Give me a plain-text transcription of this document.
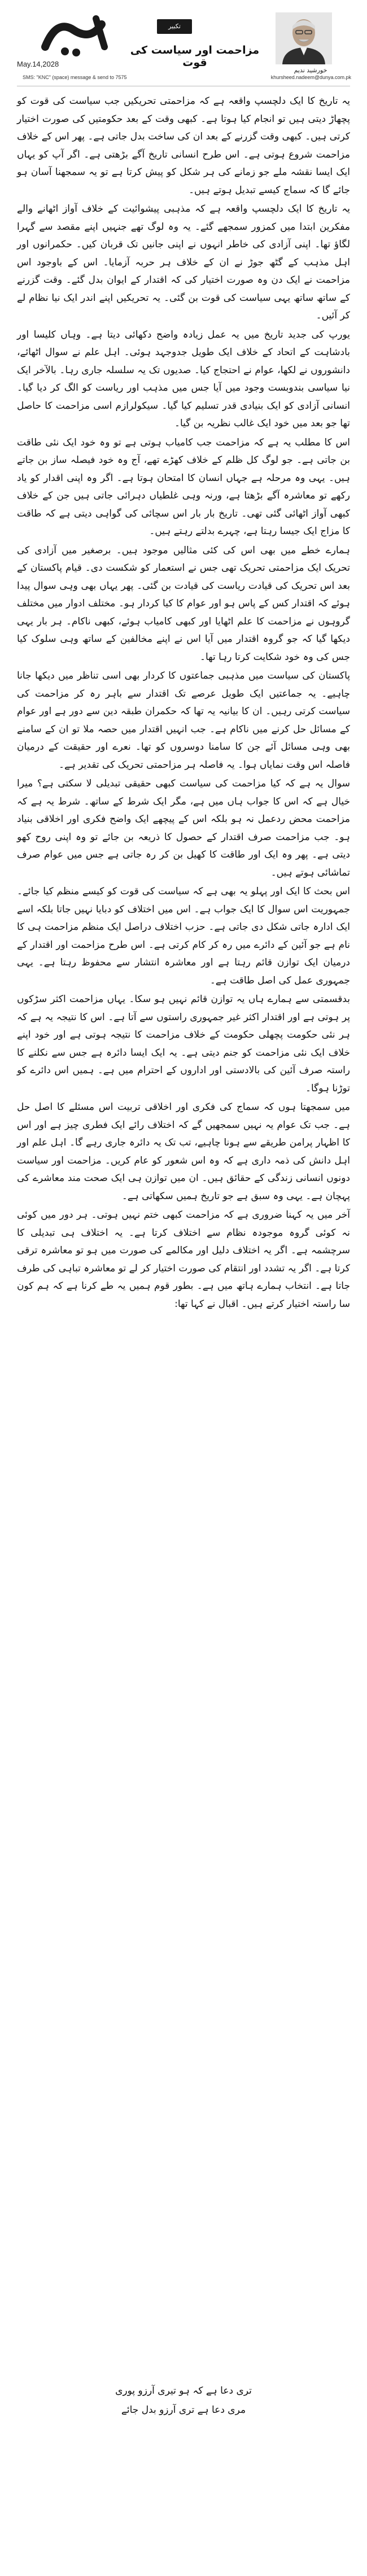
May.14,2028
SMS: "KNC" (space) message & send to 7575	khursheed.nadeem@dunya.com.pk
تکبیر مسلسل
مزاحمت اور سیاست کی قوت
خورشید ندیم

یہ تاریخ کا ایک دلچسپ واقعہ ہے کہ مزاحمتی تحریکیں جب سیاست کی قوت کو پچھاڑ دیتی ہیں تو انجام کیا ہوتا ہے۔ کبھی وقت کے بعد حکومتیں کی صورت اختیار کرتی ہیں۔ کبھی وقت گزرنے کے بعد ان کی ساخت بدل جاتی ہے۔ پھر اس کے خلاف مزاحمت شروع ہوتی ہے۔ اس طرح انسانی تاریخ آگے بڑھتی ہے۔ اگر آپ کو یہاں ایک ایسا نقشہ ملے جو زمانے کی ہر شکل کو پیش کرتا ہے تو یہ سمجھنا آسان ہو جائے گا کہ سماج کیسے تبدیل ہوتے ہیں۔

یہ تاریخ کا ایک دلچسپ واقعہ ہے کہ مذہبی پیشوائیت کے خلاف آواز اٹھانے والے مفکرین ابتدا میں کمزور سمجھے گئے۔ یہ وہ لوگ تھے جنہیں اپنے مقصد سے گہرا لگاؤ تھا۔ اپنی آزادی کی خاطر انہوں نے اپنی جانیں تک قربان کیں۔ حکمرانوں اور اہل مذہب کے گٹھ جوڑ نے ان کے خلاف ہر حربہ آزمایا۔ اس کے باوجود اس مزاحمت نے ایک دن وہ صورت اختیار کی کہ اقتدار کے ایوان بدل گئے۔ وقت گزرنے کے ساتھ ساتھ یہی سیاست کی قوت بن گئی۔ یہ تحریکیں اپنے اندر ایک نیا نظام لے کر آئیں۔

یورپ کی جدید تاریخ میں یہ عمل زیادہ واضح دکھائی دیتا ہے۔ وہاں کلیسا اور بادشاہت کے اتحاد کے خلاف ایک طویل جدوجہد ہوئی۔ اہل علم نے سوال اٹھائے، دانشوروں نے لکھا، عوام نے احتجاج کیا۔ صدیوں تک یہ سلسلہ جاری رہا۔ بالآخر ایک نیا سیاسی بندوبست وجود میں آیا جس میں مذہب اور ریاست کو الگ کر دیا گیا۔ انسانی آزادی کو ایک بنیادی قدر تسلیم کیا گیا۔ سیکولرازم اسی مزاحمت کا حاصل تھا جو بعد میں خود ایک غالب نظریہ بن گیا۔

اس کا مطلب یہ ہے کہ مزاحمت جب کامیاب ہوتی ہے تو وہ خود ایک نئی طاقت بن جاتی ہے۔ جو لوگ کل ظلم کے خلاف کھڑے تھے، آج وہ خود فیصلہ ساز بن جاتے ہیں۔ یہی وہ مرحلہ ہے جہاں انسان کا امتحان ہوتا ہے۔ اگر وہ اپنی اقدار کو یاد رکھے تو معاشرہ آگے بڑھتا ہے، ورنہ وہی غلطیاں دہرائی جاتی ہیں جن کے خلاف کبھی آواز اٹھائی گئی تھی۔ تاریخ بار بار اس سچائی کی گواہی دیتی ہے کہ طاقت کا مزاج ایک جیسا رہتا ہے، چہرے بدلتے رہتے ہیں۔

ہمارے خطے میں بھی اس کی کئی مثالیں موجود ہیں۔ برصغیر میں آزادی کی تحریک ایک مزاحمتی تحریک تھی جس نے استعمار کو شکست دی۔ قیام پاکستان کے بعد اس تحریک کی قیادت ریاست کی قیادت بن گئی۔ پھر یہاں بھی وہی سوال پیدا ہوئے کہ اقتدار کس کے پاس ہو اور عوام کا کیا کردار ہو۔ مختلف ادوار میں مختلف گروہوں نے مزاحمت کا علم اٹھایا اور کبھی کامیاب ہوئے، کبھی ناکام۔ ہر بار یہی دیکھا گیا کہ جو گروہ اقتدار میں آیا اس نے اپنے مخالفین کے ساتھ وہی سلوک کیا جس کی وہ خود شکایت کرتا رہا تھا۔

پاکستان کی سیاست میں مذہبی جماعتوں کا کردار بھی اسی تناظر میں دیکھا جانا چاہیے۔ یہ جماعتیں ایک طویل عرصے تک اقتدار سے باہر رہ کر مزاحمت کی سیاست کرتی رہیں۔ ان کا بیانیہ یہ تھا کہ حکمران طبقہ دین سے دور ہے اور عوام کے مسائل حل کرنے میں ناکام ہے۔ جب انہیں اقتدار میں حصہ ملا تو ان کے سامنے بھی وہی مسائل آئے جن کا سامنا دوسروں کو تھا۔ نعرے اور حقیقت کے درمیان فاصلہ اس وقت نمایاں ہوا۔ یہ فاصلہ ہر مزاحمتی تحریک کی تقدیر ہے۔

سوال یہ ہے کہ کیا مزاحمت کی سیاست کبھی حقیقی تبدیلی لا سکتی ہے؟ میرا خیال ہے کہ اس کا جواب ہاں میں ہے، مگر ایک شرط کے ساتھ۔ شرط یہ ہے کہ مزاحمت محض ردعمل نہ ہو بلکہ اس کے پیچھے ایک واضح فکری اور اخلاقی بنیاد ہو۔ جب مزاحمت صرف اقتدار کے حصول کا ذریعہ بن جائے تو وہ اپنی روح کھو دیتی ہے۔ پھر وہ ایک اور طاقت کا کھیل بن کر رہ جاتی ہے جس میں عوام صرف تماشائی ہوتے ہیں۔

اس بحث کا ایک اور پہلو یہ بھی ہے کہ سیاست کی قوت کو کیسے منظم کیا جائے۔ جمہوریت اس سوال کا ایک جواب ہے۔ اس میں اختلاف کو دبایا نہیں جاتا بلکہ اسے ایک ادارہ جاتی شکل دی جاتی ہے۔ حزب اختلاف دراصل ایک منظم مزاحمت ہی کا نام ہے جو آئین کے دائرے میں رہ کر کام کرتی ہے۔ اس طرح مزاحمت اور اقتدار کے درمیان ایک توازن قائم رہتا ہے اور معاشرہ انتشار سے محفوظ رہتا ہے۔ یہی جمہوری عمل کی اصل طاقت ہے۔

بدقسمتی سے ہمارے ہاں یہ توازن قائم نہیں ہو سکا۔ یہاں مزاحمت اکثر سڑکوں پر ہوتی ہے اور اقتدار اکثر غیر جمہوری راستوں سے آتا ہے۔ اس کا نتیجہ یہ ہے کہ ہر نئی حکومت پچھلی حکومت کے خلاف مزاحمت کا نتیجہ ہوتی ہے اور خود اپنے خلاف ایک نئی مزاحمت کو جنم دیتی ہے۔ یہ ایک ایسا دائرہ ہے جس سے نکلنے کا راستہ صرف آئین کی بالادستی اور اداروں کے احترام میں ہے۔ ہمیں اس دائرے کو توڑنا ہوگا۔

میں سمجھتا ہوں کہ سماج کی فکری اور اخلاقی تربیت اس مسئلے کا اصل حل ہے۔ جب تک عوام یہ نہیں سمجھیں گے کہ اختلاف رائے ایک فطری چیز ہے اور اس کا اظہار پرامن طریقے سے ہونا چاہیے، تب تک یہ دائرہ جاری رہے گا۔ اہل علم اور اہل دانش کی ذمہ داری ہے کہ وہ اس شعور کو عام کریں۔ مزاحمت اور سیاست دونوں انسانی زندگی کے حقائق ہیں۔ ان میں توازن ہی ایک صحت مند معاشرے کی پہچان ہے۔ یہی وہ سبق ہے جو تاریخ ہمیں سکھاتی ہے۔

آخر میں یہ کہنا ضروری ہے کہ مزاحمت کبھی ختم نہیں ہوتی۔ ہر دور میں کوئی نہ کوئی گروہ موجودہ نظام سے اختلاف کرتا ہے۔ یہ اختلاف ہی تبدیلی کا سرچشمہ ہے۔ اگر یہ اختلاف دلیل اور مکالمے کی صورت میں ہو تو معاشرہ ترقی کرتا ہے۔ اگر یہ تشدد اور انتقام کی صورت اختیار کر لے تو معاشرہ تباہی کی طرف جاتا ہے۔ انتخاب ہمارے ہاتھ میں ہے۔ بطور قوم ہمیں یہ طے کرنا ہے کہ ہم کون سا راستہ اختیار کرتے ہیں۔ اقبال نے کہا تھا:

تری دعا ہے کہ ہو تیری آرزو پوری
مری دعا ہے تری آرزو بدل جائے
